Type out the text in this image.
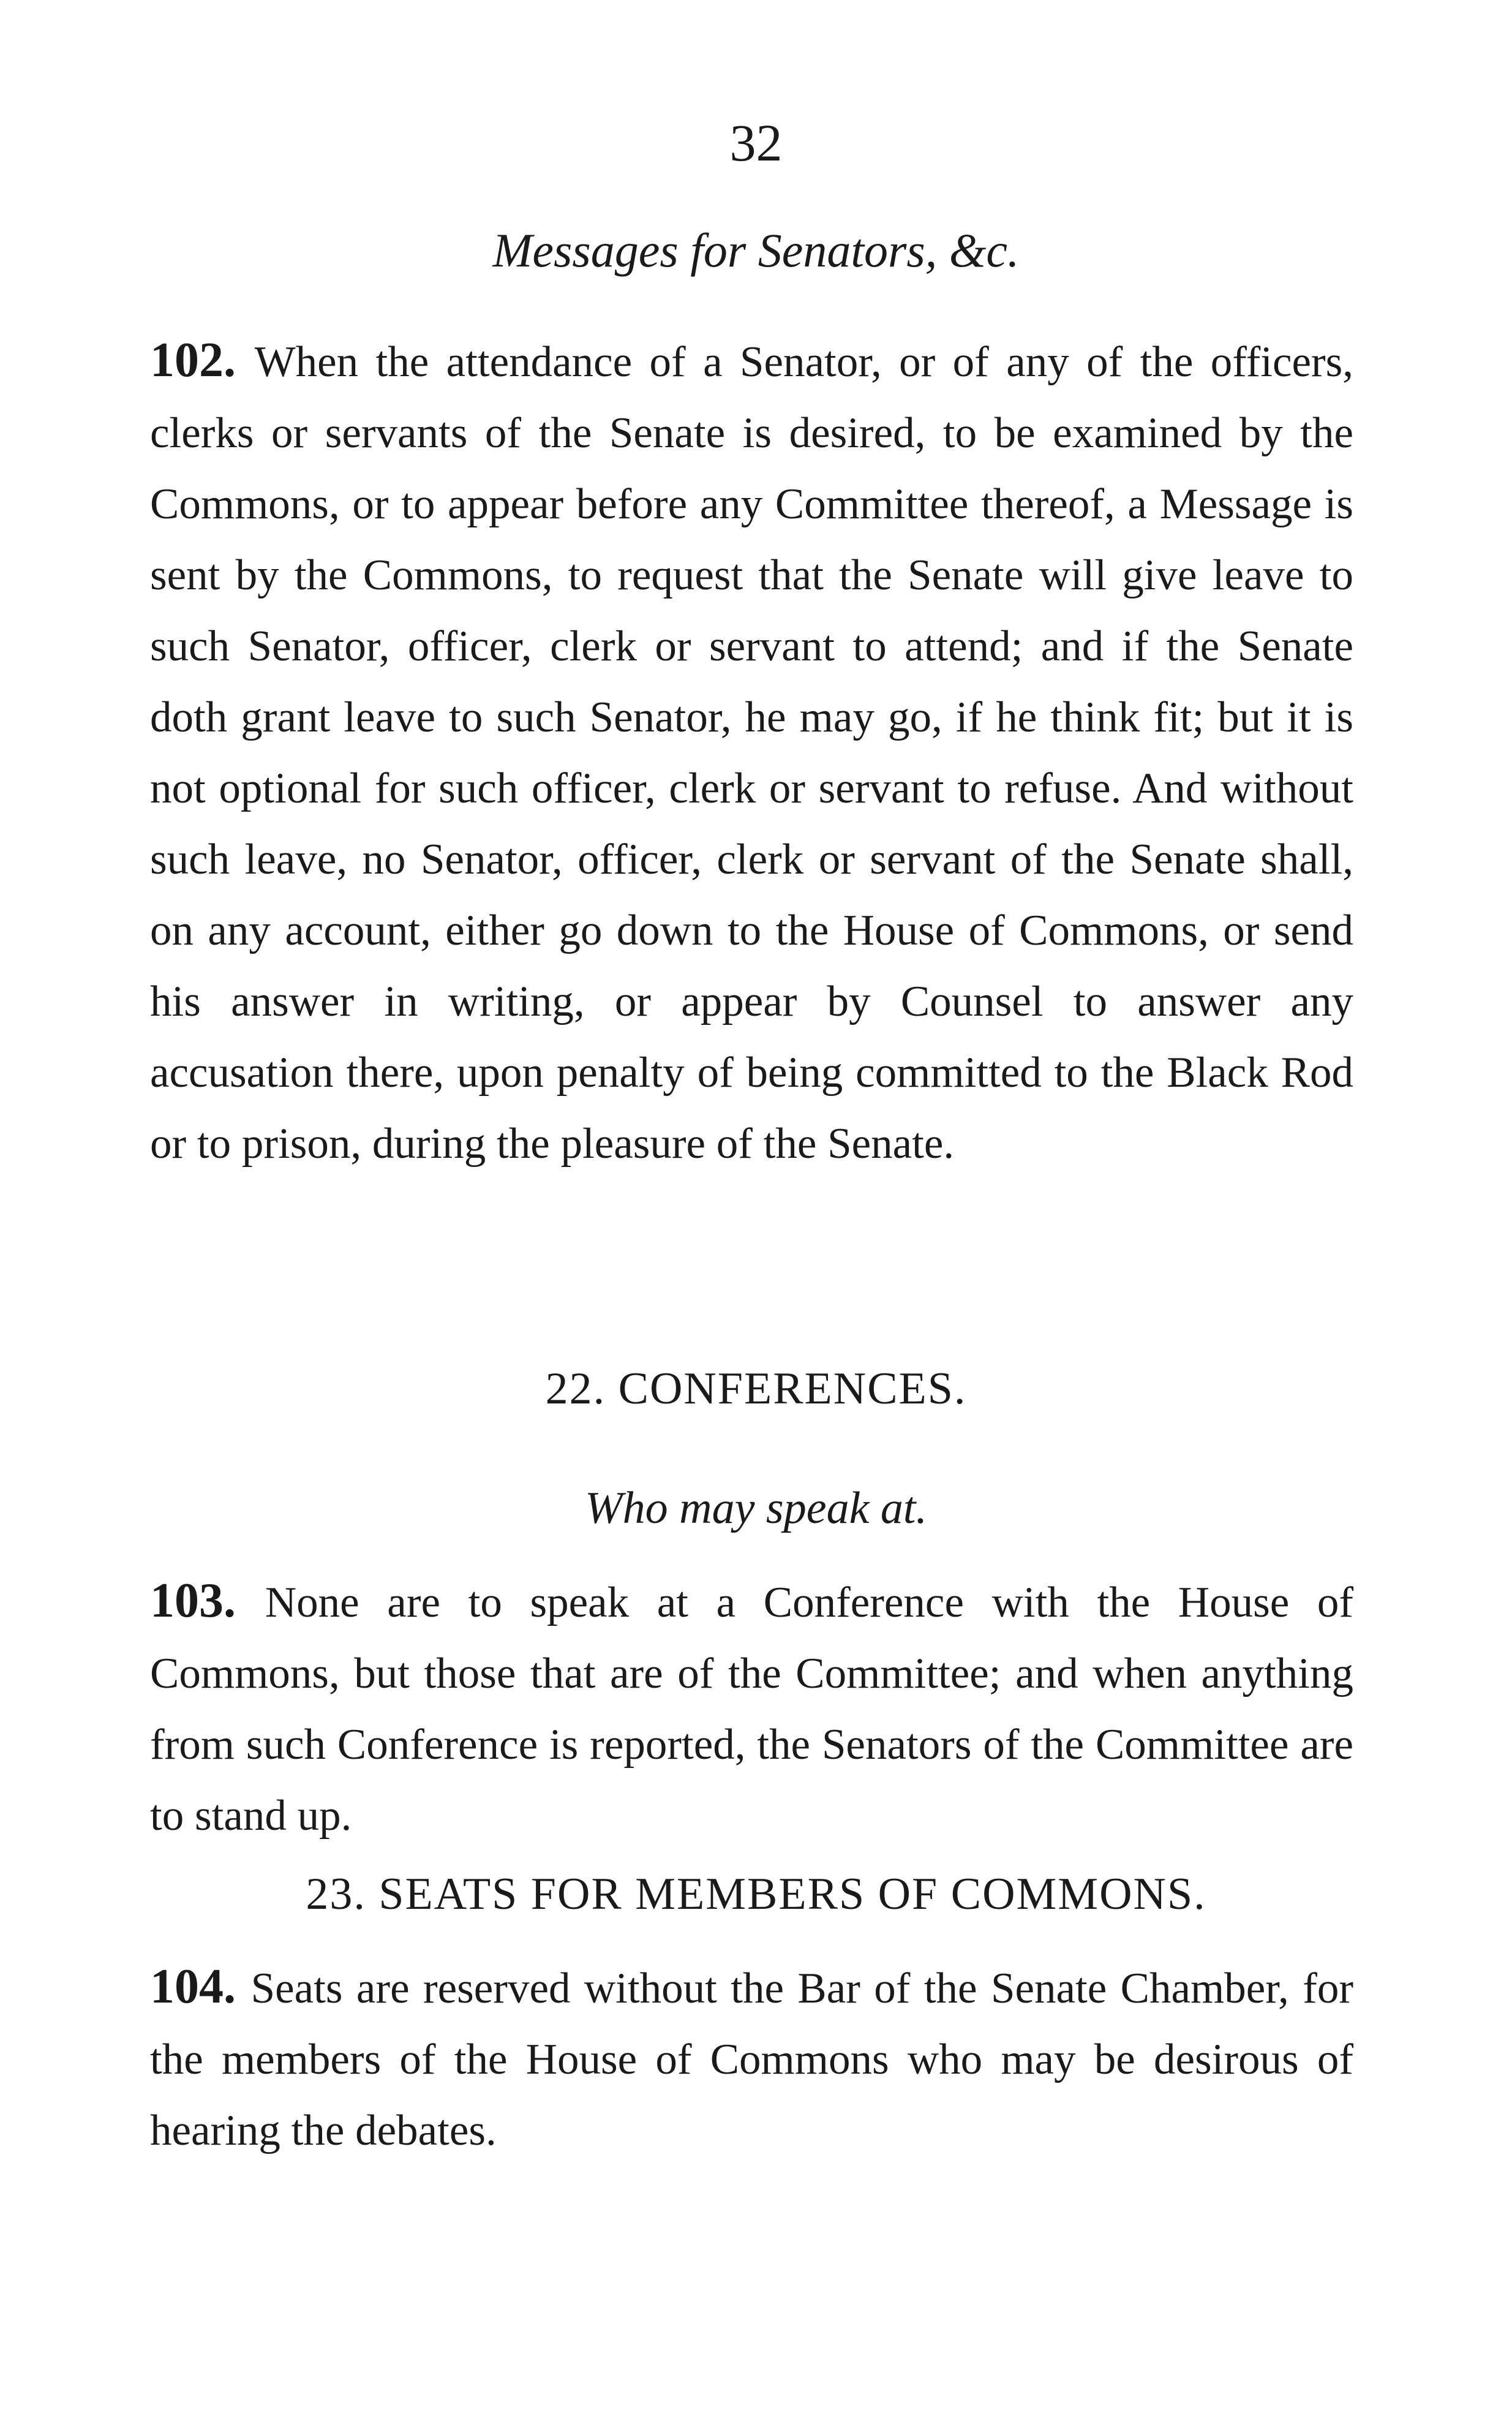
32
Messages for Senators, &c.
102. When the attendance of a Senator, or of any of the officers, clerks or servants of the Senate is desired, to be examined by the Commons, or to appear before any Committee thereof, a Message is sent by the Commons, to request that the Senate will give leave to such Senator, officer, clerk or servant to attend; and if the Senate doth grant leave to such Senator, he may go, if he think fit; but it is not optional for such officer, clerk or servant to refuse. And without such leave, no Senator, officer, clerk or servant of the Senate shall, on any account, either go down to the House of Commons, or send his answer in writing, or appear by Counsel to answer any accusation there, upon penalty of being committed to the Black Rod or to prison, during the pleasure of the Senate.
22. CONFERENCES.
Who may speak at.
103. None are to speak at a Conference with the House of Commons, but those that are of the Committee; and when anything from such Conference is reported, the Senators of the Committee are to stand up.
23. SEATS FOR MEMBERS OF COMMONS.
104. Seats are reserved without the Bar of the Senate Chamber, for the members of the House of Commons who may be desirous of hearing the debates.
